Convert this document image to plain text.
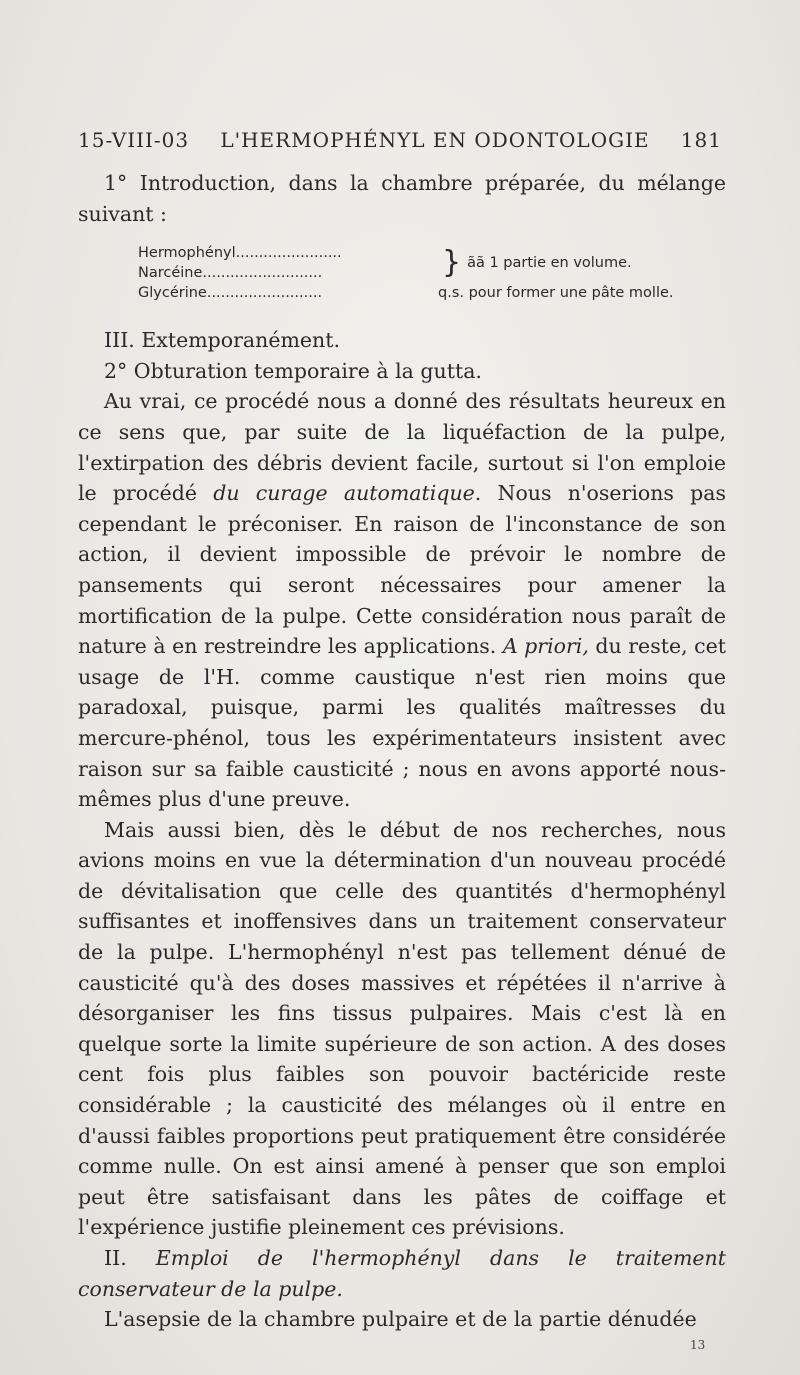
15-VIII-03 L'HERMOPHÉNYL EN ODONTOLOGIE 181

1° Introduction, dans la chambre préparée, du mélange suivant :

Hermophényl.......................
Narcéine..........................	} ãã 1 partie en volume.
Glycérine.........................	q.s. pour former une pâte molle.

III. Extemporanément.

2° Obturation temporaire à la gutta.

Au vrai, ce procédé nous a donné des résultats heureux en ce sens que, par suite de la liquéfaction de la pulpe, l'extirpation des débris devient facile, surtout si l'on emploie le procédé du curage automatique. Nous n'oserions pas cependant le préconiser. En raison de l'inconstance de son action, il devient impossible de prévoir le nombre de pansements qui seront nécessaires pour amener la mortification de la pulpe. Cette considération nous paraît de nature à en restreindre les applications. A priori, du reste, cet usage de l'H. comme caustique n'est rien moins que paradoxal, puisque, parmi les qualités maîtresses du mercure-phénol, tous les expérimentateurs insistent avec raison sur sa faible causticité ; nous en avons apporté nous-mêmes plus d'une preuve.

Mais aussi bien, dès le début de nos recherches, nous avions moins en vue la détermination d'un nouveau procédé de dévitalisation que celle des quantités d'hermophényl suffisantes et inoffensives dans un traitement conservateur de la pulpe. L'hermophényl n'est pas tellement dénué de causticité qu'à des doses massives et répétées il n'arrive à désorganiser les fins tissus pulpaires. Mais c'est là en quelque sorte la limite supérieure de son action. A des doses cent fois plus faibles son pouvoir bactéricide reste considérable ; la causticité des mélanges où il entre en d'aussi faibles proportions peut pratiquement être considérée comme nulle. On est ainsi amené à penser que son emploi peut être satisfaisant dans les pâtes de coiffage et l'expérience justifie pleinement ces prévisions.

II. Emploi de l'hermophényl dans le traitement conservateur de la pulpe.

L'asepsie de la chambre pulpaire et de la partie dénudée

13
